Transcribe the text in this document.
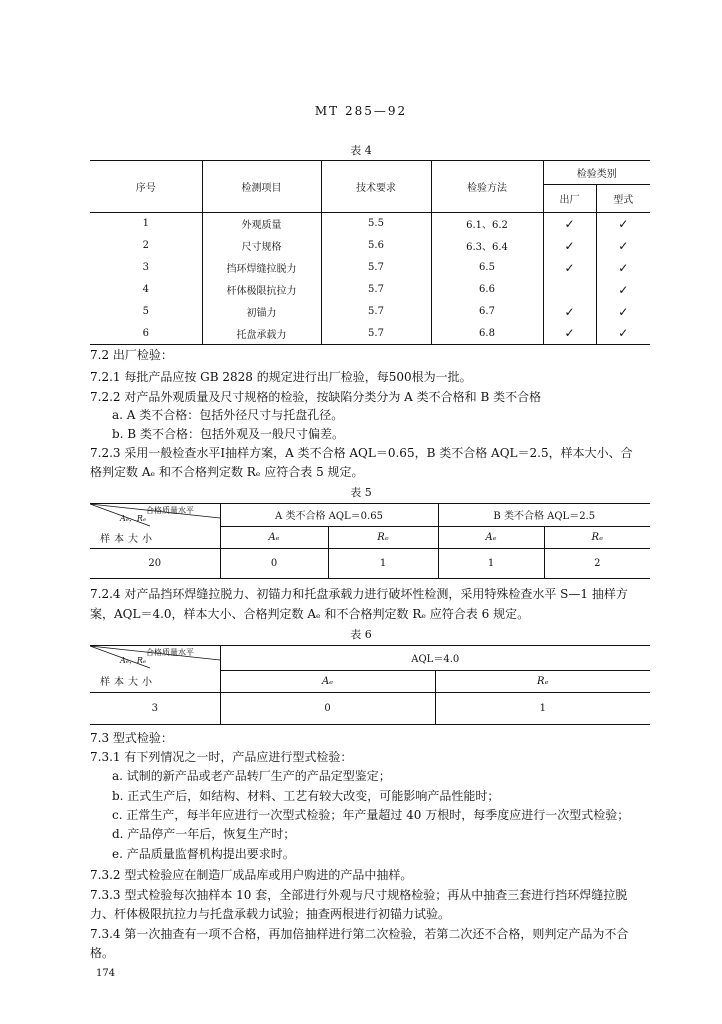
MT 285—92
表 4
序号	检测项目	技术要求	检验方法	检验类别	
				出厂	型式
1	外观质量	5.5	6.1、6.2	✓	✓
2	尺寸规格	5.6	6.3、6.4	✓	✓
3	挡环焊缝拉脱力	5.7	6.5	✓	✓
4	杆体极限抗拉力	5.7	6.6		✓
5	初锚力	5.7	6.7	✓	✓
6	托盘承载力	5.7	6.8	✓	✓
7.2 出厂检验：
7.2.1 每批产品应按 GB 2828 的规定进行出厂检验，每500根为一批。
7.2.2 对产品外观质量及尺寸规格的检验，按缺陷分类分为 A 类不合格和 B 类不合格
a. A 类不合格：包括外径尺寸与托盘孔径。
b. B 类不合格：包括外观及一般尺寸偏差。
7.2.3 采用一般检查水平Ⅰ抽样方案，A 类不合格 AQL＝0.65，B 类不合格 AQL＝2.5，样本大小、合
格判定数 Aₑ 和不合格判定数 Rₑ 应符合表 5 规定。
表 5
合格质量水平
Aₑ，Rₑ
样本大小	A 类不合格 AQL＝0.65		B 类不合格 AQL＝2.5	
	Aₑ	Rₑ	Aₑ	Rₑ
20	0	1	1	2
7.2.4 对产品挡环焊缝拉脱力、初锚力和托盘承载力进行破坏性检测，采用特殊检查水平 S—1 抽样方
案，AQL＝4.0，样本大小、合格判定数 Aₑ 和不合格判定数 Rₑ 应符合表 6 规定。
表 6
合格质量水平
Aₑ，Rₑ
样本大小	AQL＝4.0	
	Aₑ	Rₑ
3	0	1
7.3 型式检验：
7.3.1 有下列情况之一时，产品应进行型式检验：
a. 试制的新产品或老产品转厂生产的产品定型鉴定；
b. 正式生产后，如结构、材料、工艺有较大改变，可能影响产品性能时；
c. 正常生产，每半年应进行一次型式检验；年产量超过 40 万根时，每季度应进行一次型式检验；
d. 产品停产一年后，恢复生产时；
e. 产品质量监督机构提出要求时。
7.3.2 型式检验应在制造厂成品库或用户购进的产品中抽样。
7.3.3 型式检验每次抽样本 10 套，全部进行外观与尺寸规格检验；再从中抽查三套进行挡环焊缝拉脱
力、杆体极限抗拉力与托盘承载力试验；抽查两根进行初锚力试验。
7.3.4 第一次抽查有一项不合格，再加倍抽样进行第二次检验，若第二次还不合格，则判定产品为不合
格。
174
